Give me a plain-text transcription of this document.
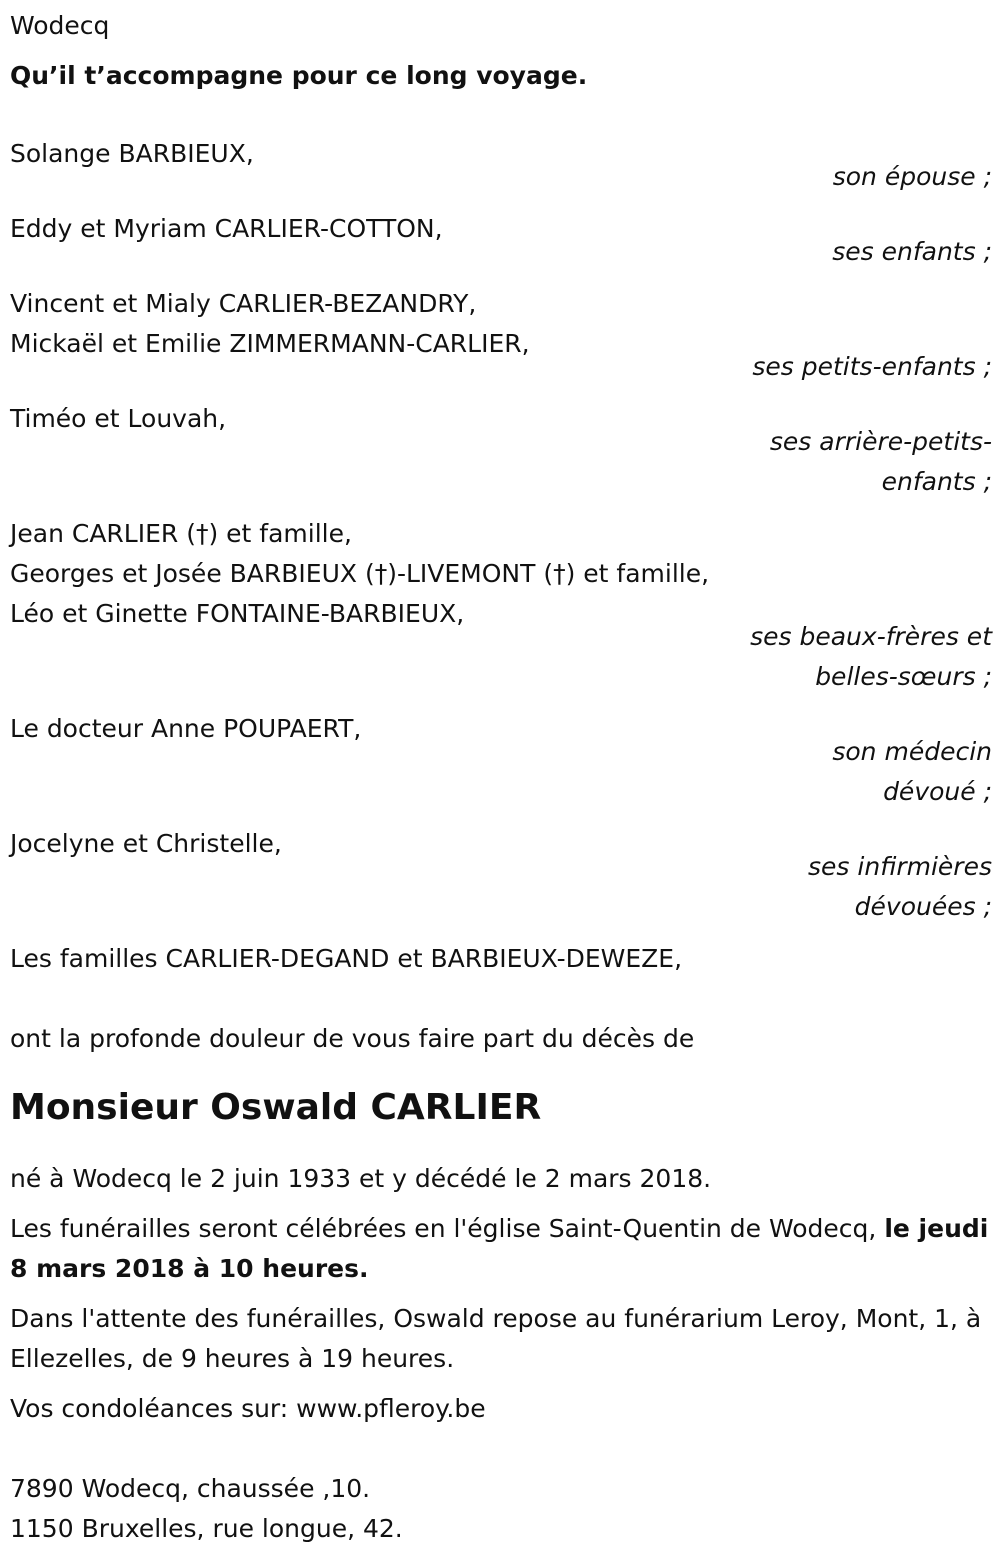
Wodecq
Qu’il t’accompagne pour ce long voyage.
Solange BARBIEUX,
son épouse ;
Eddy et Myriam CARLIER-COTTON,
ses enfants ;
Vincent et Mialy CARLIER-BEZANDRY,
Mickaël et Emilie ZIMMERMANN-CARLIER,
ses petits-enfants ;
Timéo et Louvah,
ses arrière-petits-
enfants ;
Jean CARLIER (†) et famille,
Georges et Josée BARBIEUX (†)-LIVEMONT (†) et famille,
Léo et Ginette FONTAINE-BARBIEUX,
ses beaux-frères et
belles-sœurs ;
Le docteur Anne POUPAERT,
son médecin
dévoué ;
Jocelyne et Christelle,
ses infirmières
dévouées ;
Les familles CARLIER-DEGAND et BARBIEUX-DEWEZE,
ont la profonde douleur de vous faire part du décès de
Monsieur Oswald CARLIER
né à Wodecq le 2 juin 1933 et y décédé le 2 mars 2018.
Les funérailles seront célébrées en l'église Saint-Quentin de Wodecq, le jeudi 8 mars 2018 à 10 heures.
Dans l'attente des funérailles, Oswald repose au funérarium Leroy, Mont, 1, à Ellezelles, de 9 heures à 19 heures.
Vos condoléances sur: www.pfleroy.be
7890 Wodecq, chaussée ,10.
1150 Bruxelles, rue longue, 42.
